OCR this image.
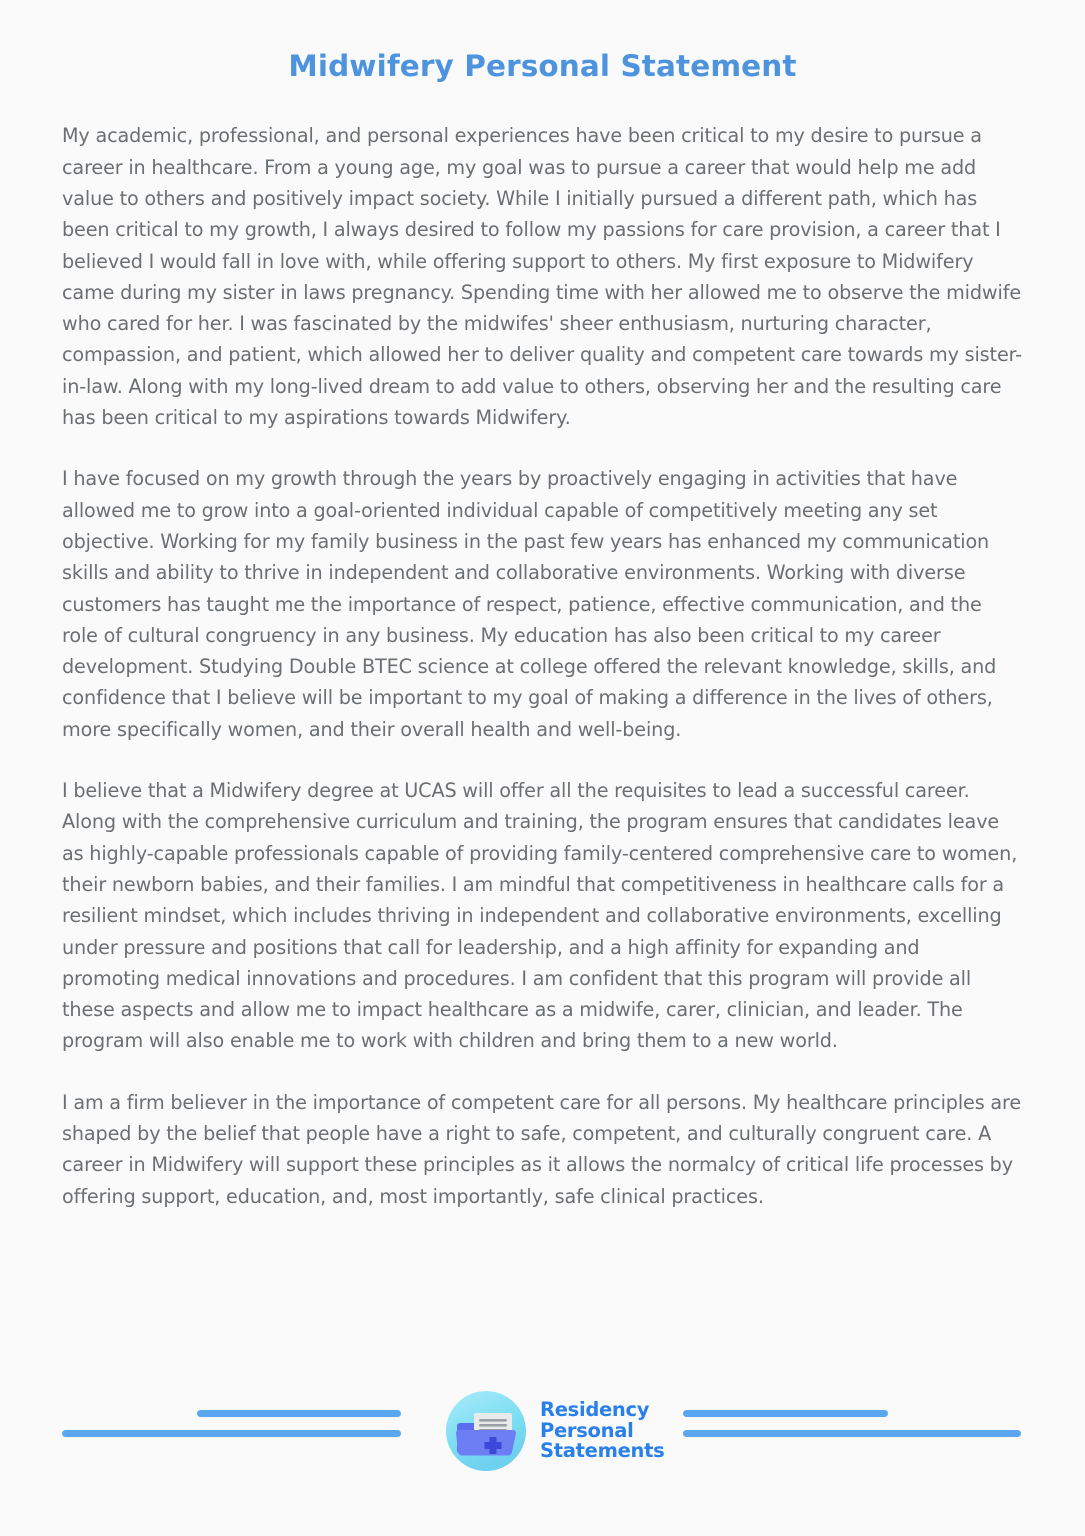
Midwifery Personal Statement

My academic, professional, and personal experiences have been critical to my desire to pursue a career in healthcare. From a young age, my goal was to pursue a career that would help me add value to others and positively impact society. While I initially pursued a different path, which has been critical to my growth, I always desired to follow my passions for care provision, a career that I believed I would fall in love with, while offering support to others. My first exposure to Midwifery came during my sister in laws pregnancy. Spending time with her allowed me to observe the midwife who cared for her. I was fascinated by the midwifes' sheer enthusiasm, nurturing character, compassion, and patient, which allowed her to deliver quality and competent care towards my sister-in-law. Along with my long-lived dream to add value to others, observing her and the resulting care has been critical to my aspirations towards Midwifery.

I have focused on my growth through the years by proactively engaging in activities that have allowed me to grow into a goal-oriented individual capable of competitively meeting any set objective. Working for my family business in the past few years has enhanced my communication skills and ability to thrive in independent and collaborative environments. Working with diverse customers has taught me the importance of respect, patience, effective communication, and the role of cultural congruency in any business. My education has also been critical to my career development. Studying Double BTEC science at college offered the relevant knowledge, skills, and confidence that I believe will be important to my goal of making a difference in the lives of others, more specifically women, and their overall health and well-being.

I believe that a Midwifery degree at UCAS will offer all the requisites to lead a successful career. Along with the comprehensive curriculum and training, the program ensures that candidates leave as highly-capable professionals capable of providing family-centered comprehensive care to women, their newborn babies, and their families. I am mindful that competitiveness in healthcare calls for a resilient mindset, which includes thriving in independent and collaborative environments, excelling under pressure and positions that call for leadership, and a high affinity for expanding and promoting medical innovations and procedures. I am confident that this program will provide all these aspects and allow me to impact healthcare as a midwife, carer, clinician, and leader. The program will also enable me to work with children and bring them to a new world.

I am a firm believer in the importance of competent care for all persons. My healthcare principles are shaped by the belief that people have a right to safe, competent, and culturally congruent care. A career in Midwifery will support these principles as it allows the normalcy of critical life processes by offering support, education, and, most importantly, safe clinical practices.

Residency
Personal
Statements
